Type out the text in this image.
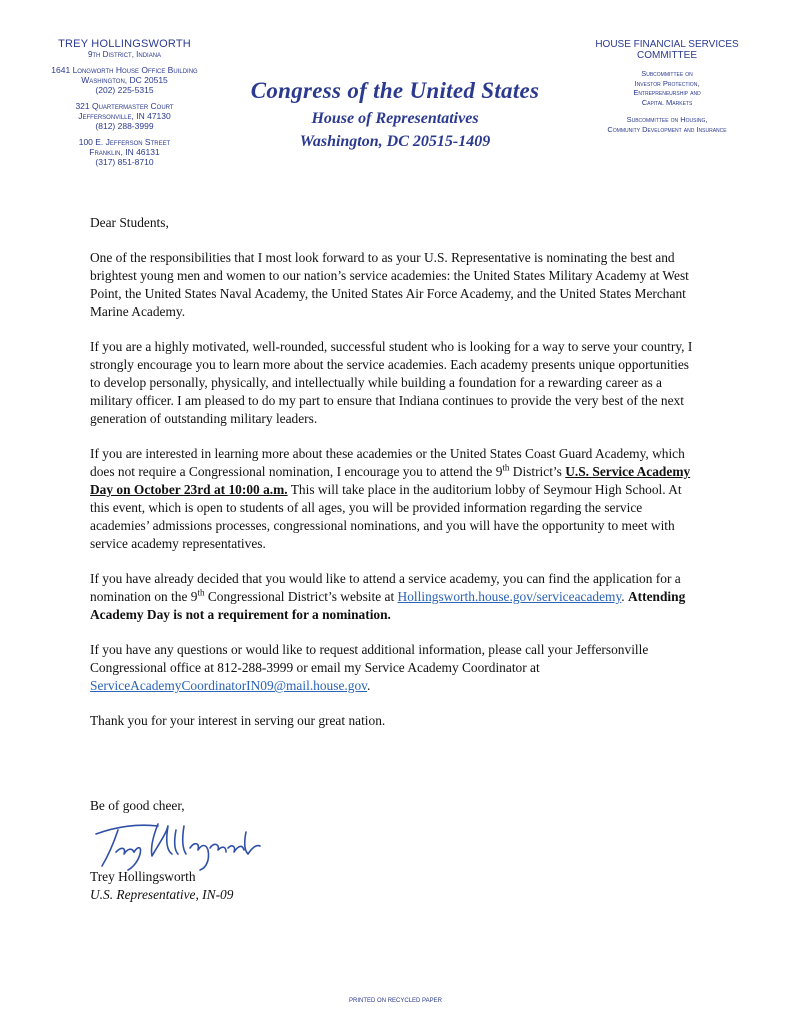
TREY HOLLINGSWORTH
9th District, Indiana
1641 Longworth House Office Building
Washington, DC 20515
(202) 225-5315
321 Quartermaster Court
Jeffersonville, IN 47130
(812) 288-3999
100 E. Jefferson Street
Franklin, IN 46131
(317) 851-8710
Congress of the United States
House of Representatives
Washington, DC 20515-1409
HOUSE FINANCIAL SERVICES
COMMITTEE
Subcommittee on
Investor Protection,
Entrepreneurship and
Capital Markets
Subcommittee on Housing,
Community Development and Insurance

Dear Students,

One of the responsibilities that I most look forward to as your U.S. Representative is nominating the best and brightest young men and women to our nation’s service academies: the United States Military Academy at West Point, the United States Naval Academy, the United States Air Force Academy, and the United States Merchant Marine Academy.

If you are a highly motivated, well-rounded, successful student who is looking for a way to serve your country, I strongly encourage you to learn more about the service academies. Each academy presents unique opportunities to develop personally, physically, and intellectually while building a foundation for a rewarding career as a military officer. I am pleased to do my part to ensure that Indiana continues to provide the very best of the next generation of outstanding military leaders.

If you are interested in learning more about these academies or the United States Coast Guard Academy, which does not require a Congressional nomination, I encourage you to attend the 9th District’s U.S. Service Academy Day on October 23rd at 10:00 a.m. This will take place in the auditorium lobby of Seymour High School. At this event, which is open to students of all ages, you will be provided information regarding the service academies’ admissions processes, congressional nominations, and you will have the opportunity to meet with service academy representatives.

If you have already decided that you would like to attend a service academy, you can find the application for a nomination on the 9th Congressional District’s website at Hollingsworth.house.gov/serviceacademy. Attending Academy Day is not a requirement for a nomination.

If you have any questions or would like to request additional information, please call your Jeffersonville Congressional office at 812-288-3999 or email my Service Academy Coordinator at ServiceAcademyCoordinatorIN09@mail.house.gov.

Thank you for your interest in serving our great nation.

Be of good cheer,
Trey Hollingsworth
U.S. Representative, IN-09
PRINTED ON RECYCLED PAPER
